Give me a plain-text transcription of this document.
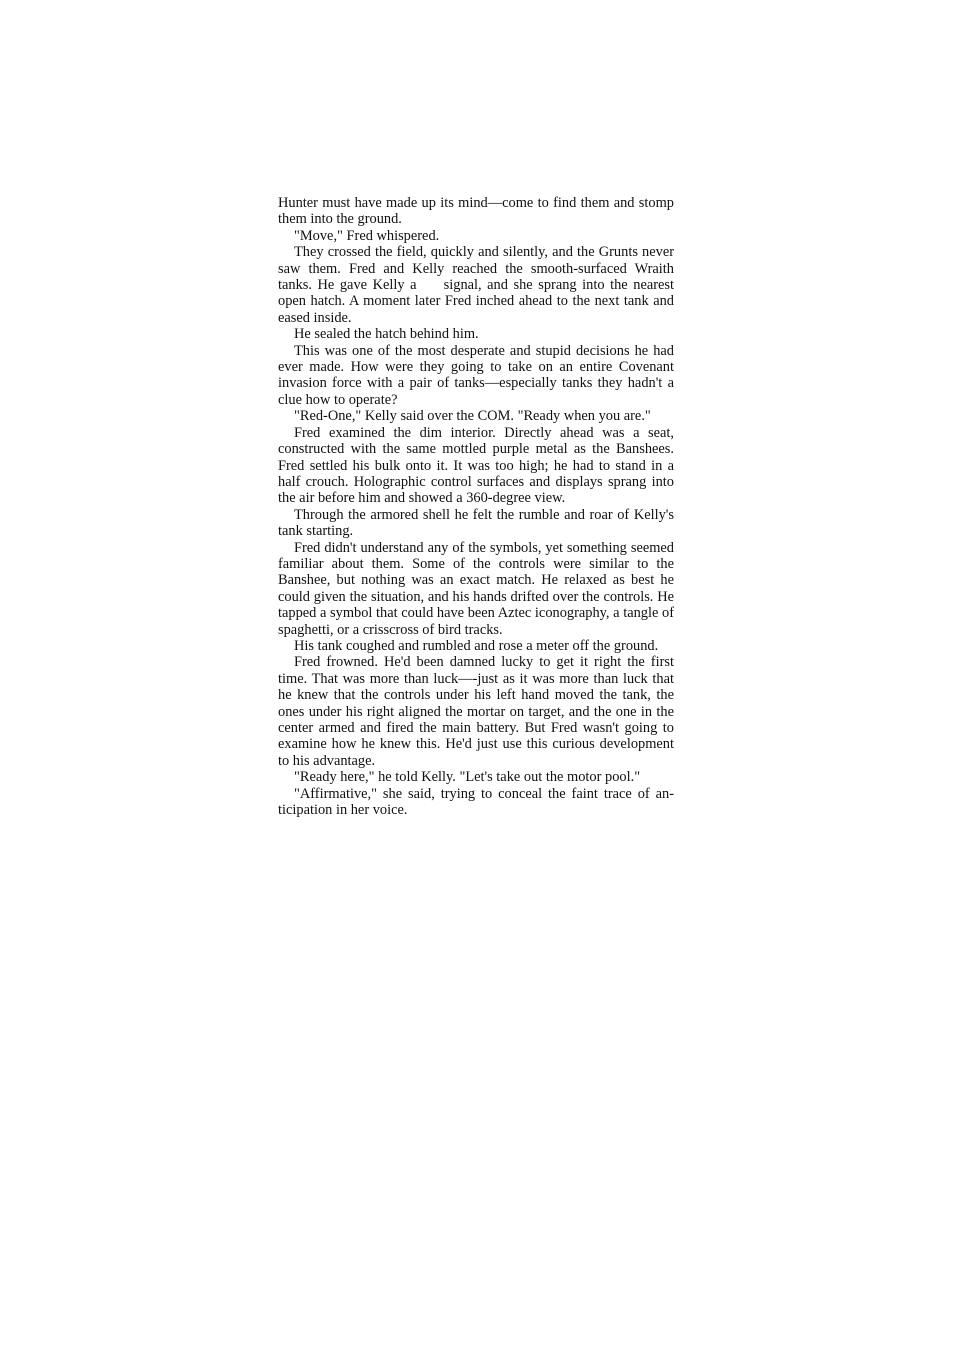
Hunter must have made up its mind—come to find them and stomp them into the ground.

"Move," Fred whispered.

They crossed the field, quickly and silently, and the Grunts never saw them. Fred and Kelly reached the smooth-surfaced Wraith tanks. He gave Kelly a   signal, and she sprang into the nearest open hatch. A moment later Fred inched ahead to the next tank and eased inside.

He sealed the hatch behind him.

This was one of the most desperate and stupid decisions he had ever made. How were they going to take on an entire Covenant invasion force with a pair of tanks—especially tanks they hadn't a clue how to operate?

"Red-One," Kelly said over the COM. "Ready when you are."

Fred examined the dim interior. Directly ahead was a seat, constructed with the same mottled purple metal as the Banshees. Fred settled his bulk onto it. It was too high; he had to stand in a half crouch. Holographic control surfaces and displays sprang into the air before him and showed a 360-degree view.

Through the armored shell he felt the rumble and roar of Kelly's tank starting.

Fred didn't understand any of the symbols, yet something seemed familiar about them. Some of the controls were similar to the Banshee, but nothing was an exact match. He relaxed as best he could given the situation, and his hands drifted over the controls. He tapped a symbol that could have been Aztec iconography, a tangle of spaghetti, or a crisscross of bird tracks.

His tank coughed and rumbled and rose a meter off the ground.

Fred frowned. He'd been damned lucky to get it right the first time. That was more than luck—-just as it was more than luck that he knew that the controls under his left hand moved the tank, the ones under his right aligned the mortar on target, and the one in the center armed and fired the main battery. But Fred wasn't going to examine how he knew this. He'd just use this curious development to his advantage.

"Ready here," he told Kelly. "Let's take out the motor pool."

"Affirmative," she said, trying to conceal the faint trace of anticipation in her voice.
